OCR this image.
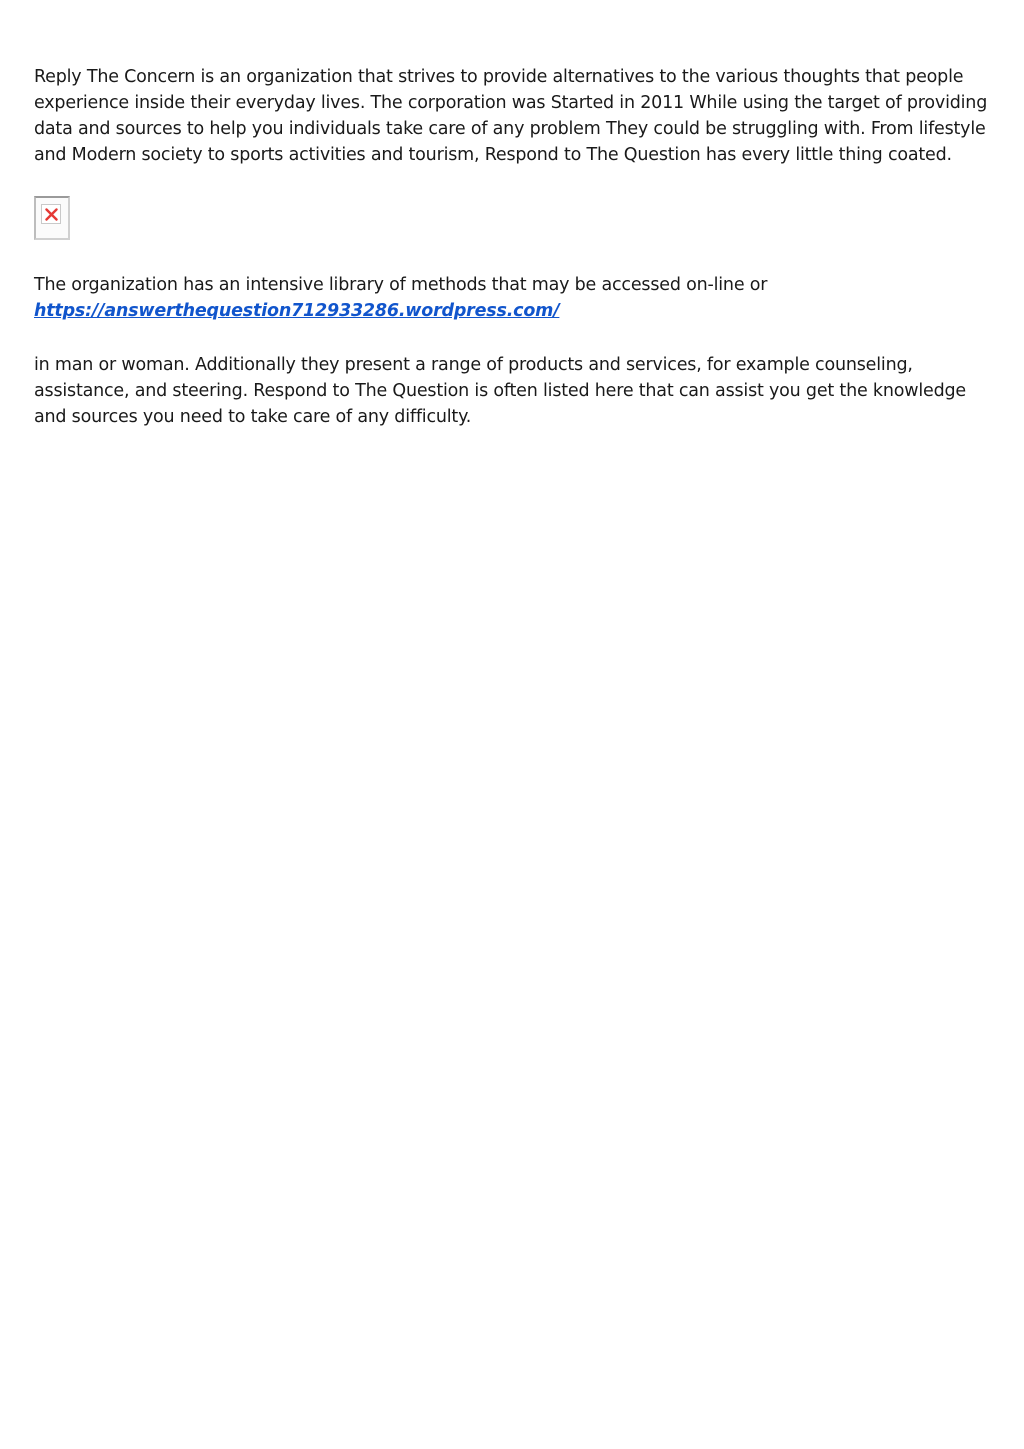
Reply The Concern is an organization that strives to provide alternatives to the various thoughts that people experience inside their everyday lives. The corporation was Started in 2011 While using the target of providing data and sources to help you individuals take care of any problem They could be struggling with. From lifestyle and Modern society to sports activities and tourism, Respond to The Question has every little thing coated.

The organization has an intensive library of methods that may be accessed on-line or

https://answerthequestion712933286.wordpress.com/

in man or woman. Additionally they present a range of products and services, for example counseling, assistance, and steering. Respond to The Question is often listed here that can assist you get the knowledge and sources you need to take care of any difficulty.
